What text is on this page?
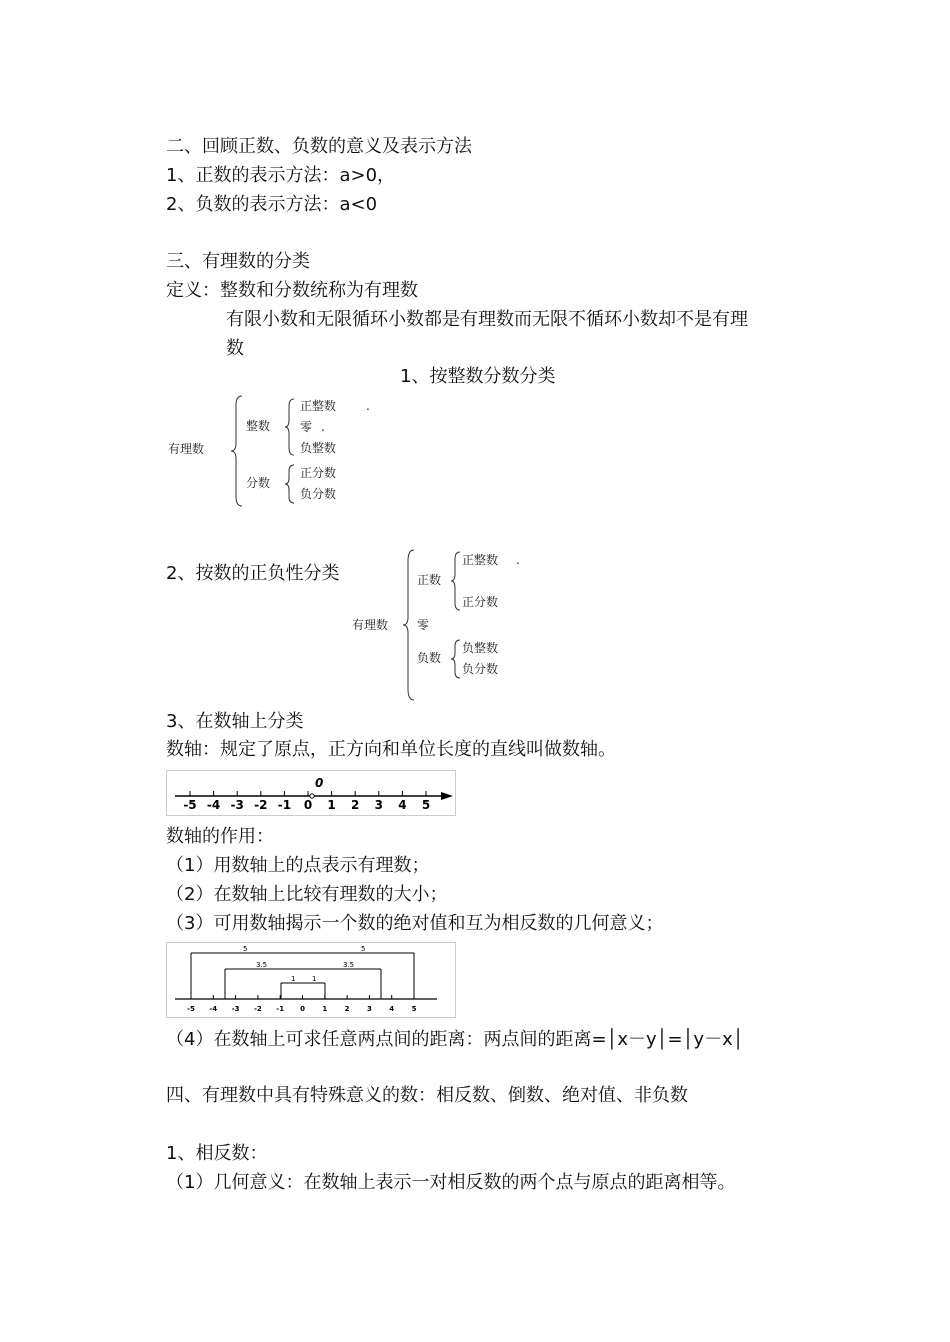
二、回顾正数、负数的意义及表示方法
1、正数的表示方法：a>0，
2、负数的表示方法：a<0
三、有理数的分类
定义：整数和分数统称为有理数
有限小数和无限循环小数都是有理数而无限不循环小数却不是有理
数
1、按整数分数分类
有理数
整数
正整数 .
零 .
负整数
分数
正分数
负分数
2、按数的正负性分类
有理数
正数
正整数 .
正分数
零
负数
负整数
负分数
3、在数轴上分类
数轴：规定了原点，正方向和单位长度的直线叫做数轴。
0
-5 -4 -3 -2 -1 0 1 2 3 4 5
数轴的作用：
（1）用数轴上的点表示有理数；
（2）在数轴上比较有理数的大小；
（3）可用数轴揭示一个数的绝对值和互为相反数的几何意义；
-5 -4 -3 -2 -1 0 1 2 3 4 5
5	5
3.5	3.5
1 1
（4）在数轴上可求任意两点间的距离：两点间的距离=│x－y│=│y－x│
四、有理数中具有特殊意义的数：相反数、倒数、绝对值、非负数
1、相反数：
（1）几何意义：在数轴上表示一对相反数的两个点与原点的距离相等。
